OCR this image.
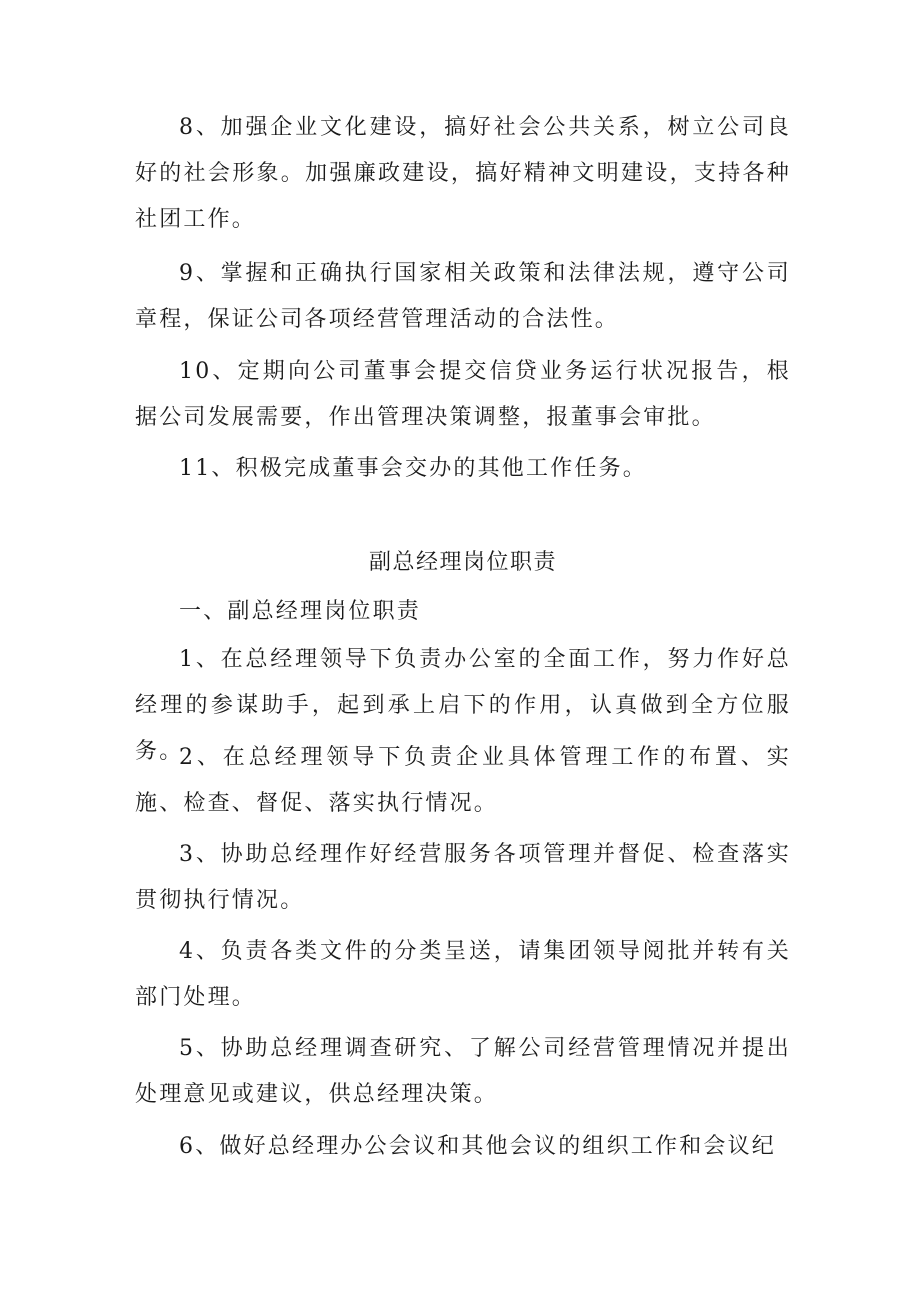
8、加强企业文化建设，搞好社会公共关系，树立公司良好的社会形象。加强廉政建设，搞好精神文明建设，支持各种社团工作。

9、掌握和正确执行国家相关政策和法律法规，遵守公司章程，保证公司各项经营管理活动的合法性。

10、定期向公司董事会提交信贷业务运行状况报告，根据公司发展需要，作出管理决策调整，报董事会审批。

11、积极完成董事会交办的其他工作任务。

副总经理岗位职责

一、副总经理岗位职责

1、在总经理领导下负责办公室的全面工作，努力作好总经理的参谋助手，起到承上启下的作用，认真做到全方位服务。

2、在总经理领导下负责企业具体管理工作的布置、实施、检查、督促、落实执行情况。

3、协助总经理作好经营服务各项管理并督促、检查落实贯彻执行情况。

4、负责各类文件的分类呈送，请集团领导阅批并转有关部门处理。

5、协助总经理调查研究、了解公司经营管理情况并提出处理意见或建议，供总经理决策。

6、做好总经理办公会议和其他会议的组织工作和会议纪
